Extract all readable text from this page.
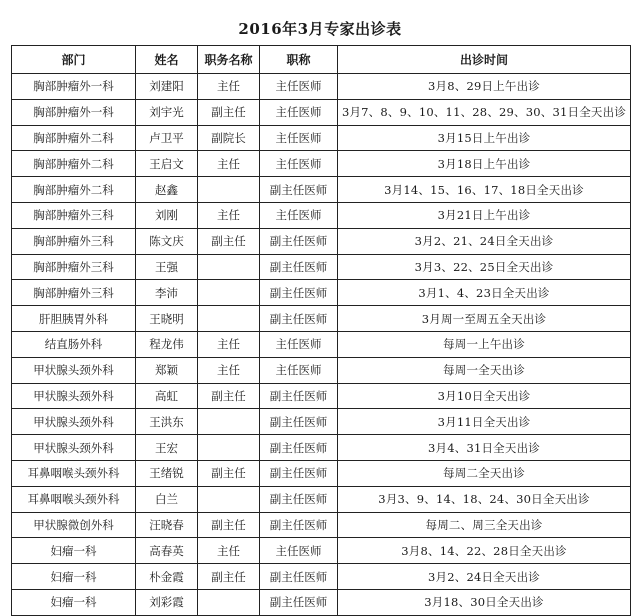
2016年3月专家出诊表
部门	姓名	职务名称	职称	出诊时间
胸部肿瘤外一科	刘建阳	主任	主任医师	3月8、29日上午出诊
胸部肿瘤外一科	刘宇光	副主任	主任医师	3月7、8、9、10、11、28、29、30、31日全天出诊
胸部肿瘤外二科	卢卫平	副院长	主任医师	3月15日上午出诊
胸部肿瘤外二科	王启文	主任	主任医师	3月18日上午出诊
胸部肿瘤外二科	赵鑫		副主任医师	3月14、15、16、17、18日全天出诊
胸部肿瘤外三科	刘刚	主任	主任医师	3月21日上午出诊
胸部肿瘤外三科	陈文庆	副主任	副主任医师	3月2、21、24日全天出诊
胸部肿瘤外三科	王强		副主任医师	3月3、22、25日全天出诊
胸部肿瘤外三科	李沛		副主任医师	3月1、4、23日全天出诊
肝胆胰胃外科	王晓明		副主任医师	3月周一至周五全天出诊
结直肠外科	程龙伟	主任	主任医师	每周一上午出诊
甲状腺头颈外科	郑颖	主任	主任医师	每周一全天出诊
甲状腺头颈外科	高虹	副主任	副主任医师	3月10日全天出诊
甲状腺头颈外科	王洪东		副主任医师	3月11日全天出诊
甲状腺头颈外科	王宏		副主任医师	3月4、31日全天出诊
耳鼻咽喉头颈外科	王绪锐	副主任	副主任医师	每周二全天出诊
耳鼻咽喉头颈外科	白兰		副主任医师	3月3、9、14、18、24、30日全天出诊
甲状腺微创外科	汪晓春	副主任	副主任医师	每周二、周三全天出诊
妇瘤一科	高春英	主任	主任医师	3月8、14、22、28日全天出诊
妇瘤一科	朴金霞	副主任	副主任医师	3月2、24日全天出诊
妇瘤一科	刘彩霞		副主任医师	3月18、30日全天出诊
